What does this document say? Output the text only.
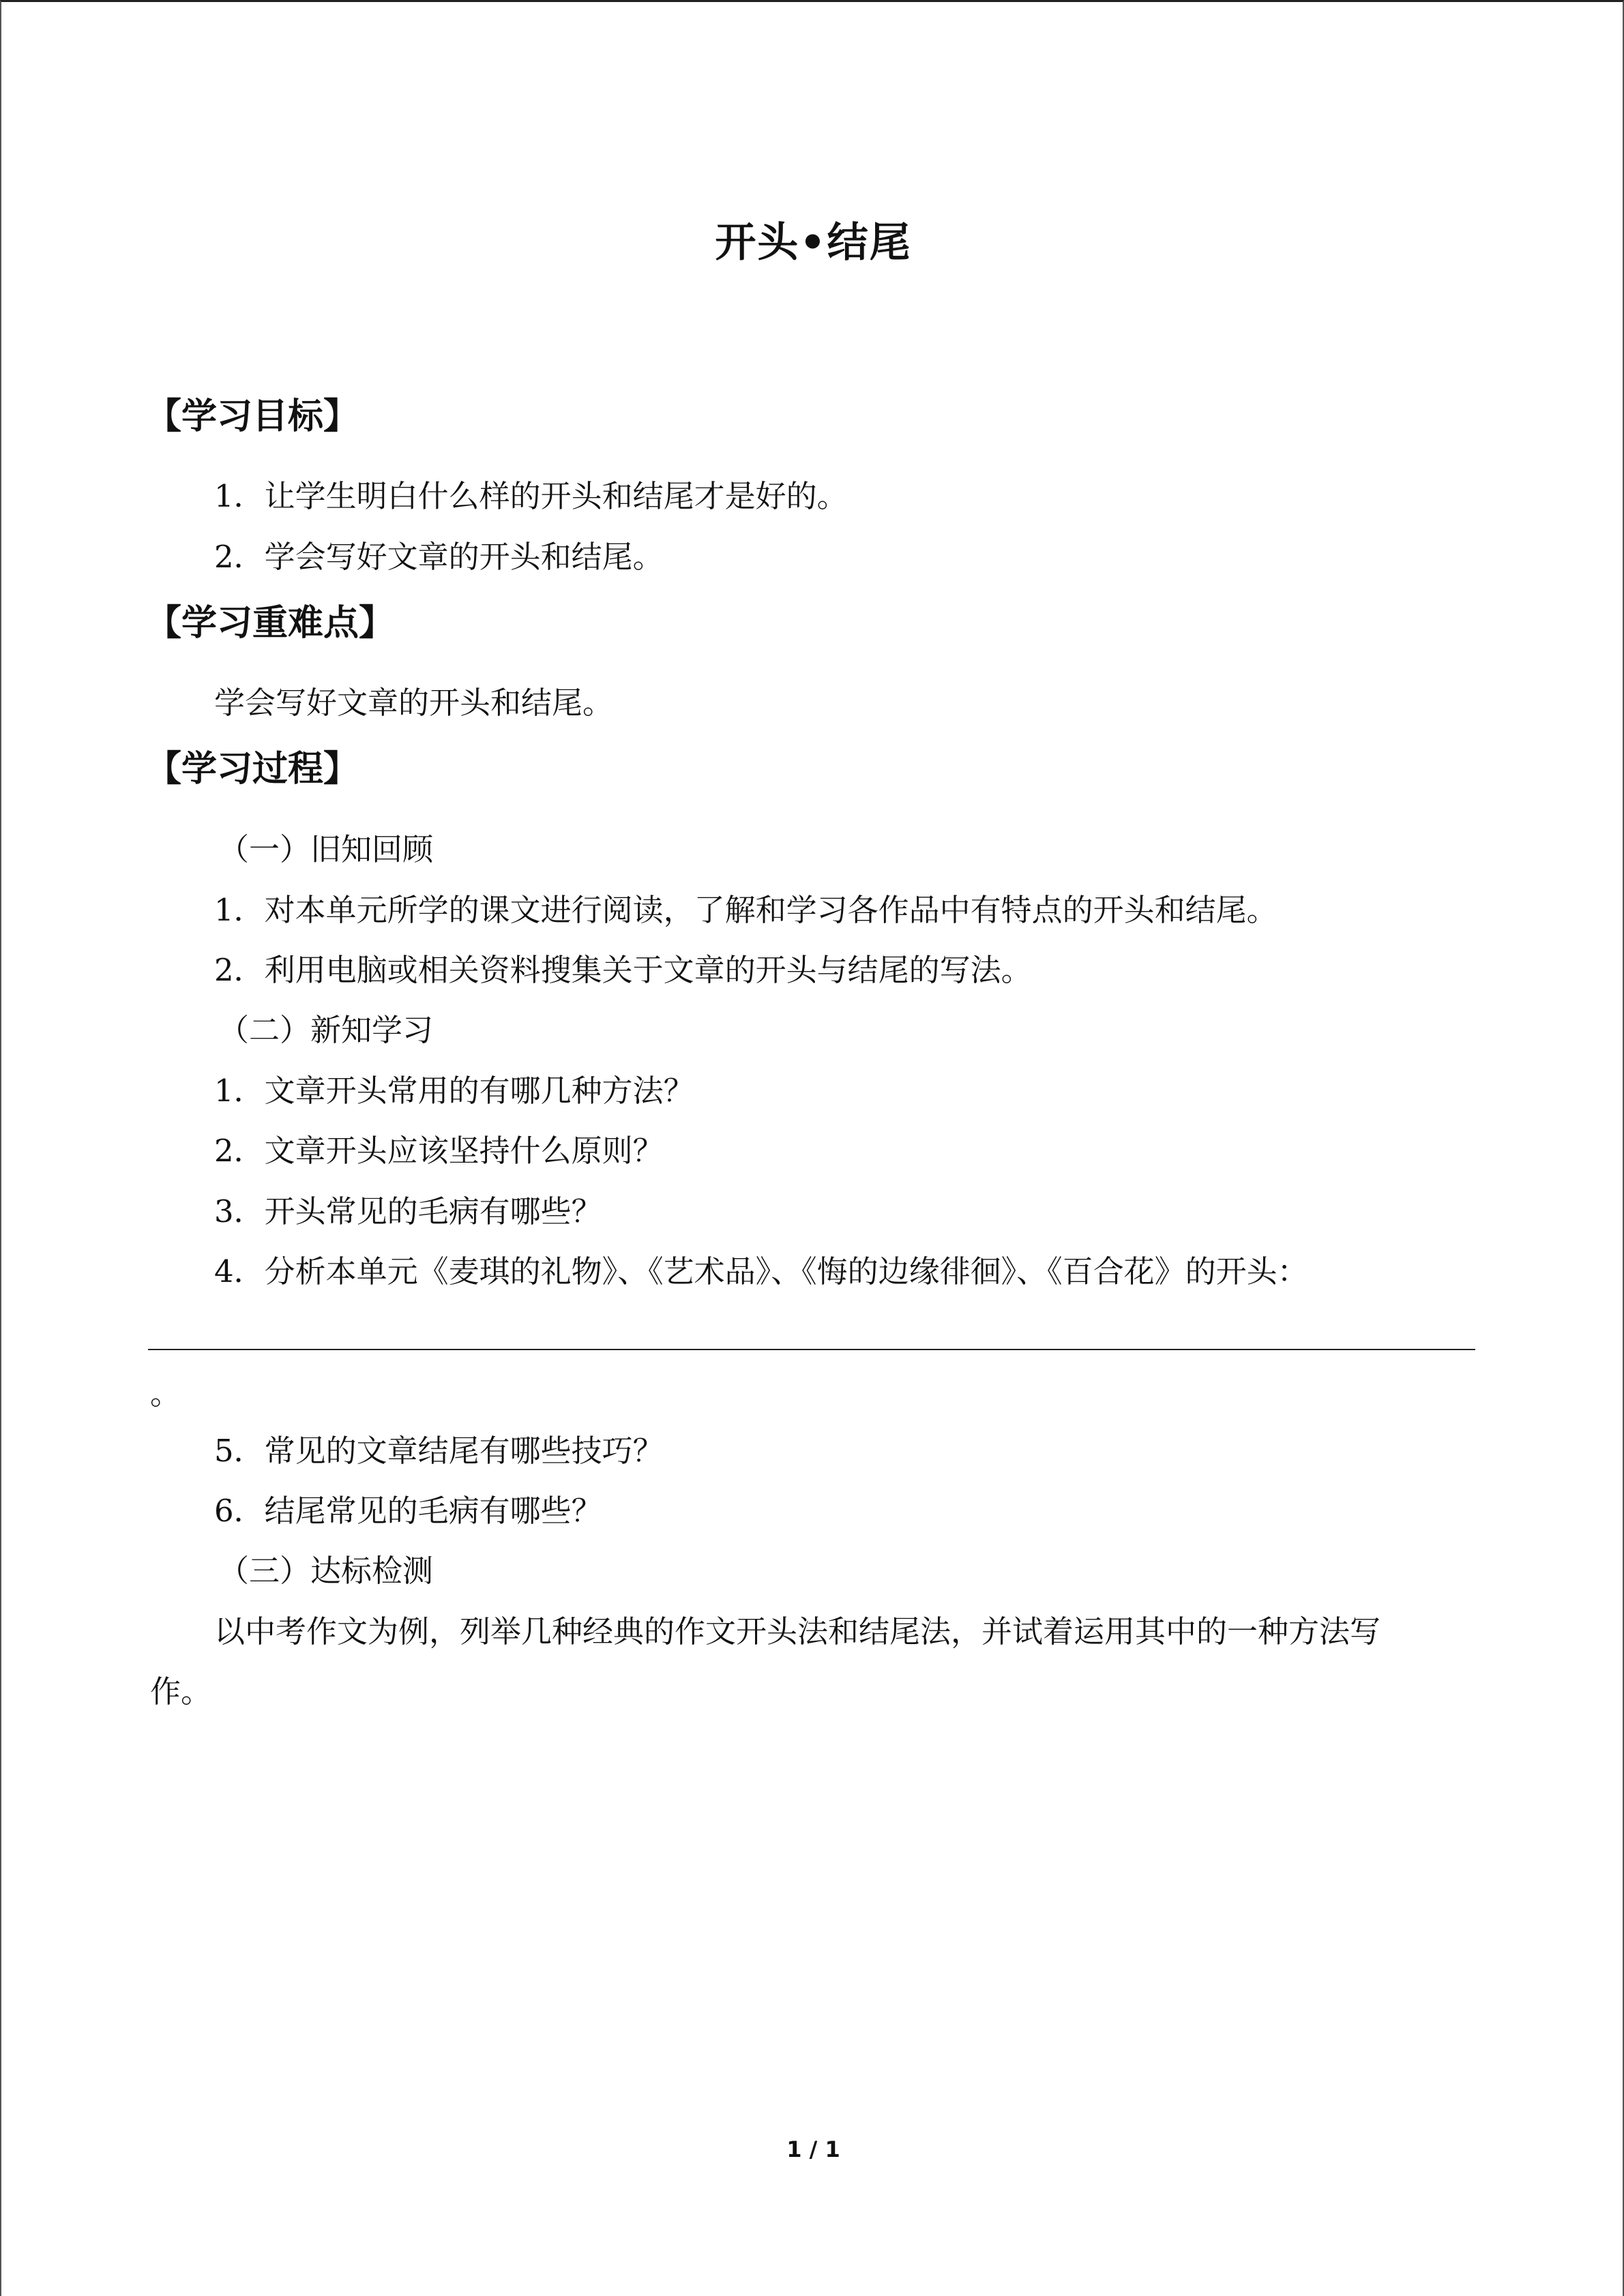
开头•结尾
【学习目标】
1．让学生明白什么样的开头和结尾才是好的。
2．学会写好文章的开头和结尾。
【学习重难点】
学会写好文章的开头和结尾。
【学习过程】
（一）旧知回顾
1．对本单元所学的课文进行阅读，了解和学习各作品中有特点的开头和结尾。
2．利用电脑或相关资料搜集关于文章的开头与结尾的写法。
（二）新知学习
1．文章开头常用的有哪几种方法？
2．文章开头应该坚持什么原则？
3．开头常见的毛病有哪些？
4．分析本单元《麦琪的礼物》、《艺术品》、《悔的边缘徘徊》、《百合花》的开头：
。
5．常见的文章结尾有哪些技巧？
6．结尾常见的毛病有哪些？
（三）达标检测
以中考作文为例，列举几种经典的作文开头法和结尾法，并试着运用其中的一种方法写
作。
1 / 1
